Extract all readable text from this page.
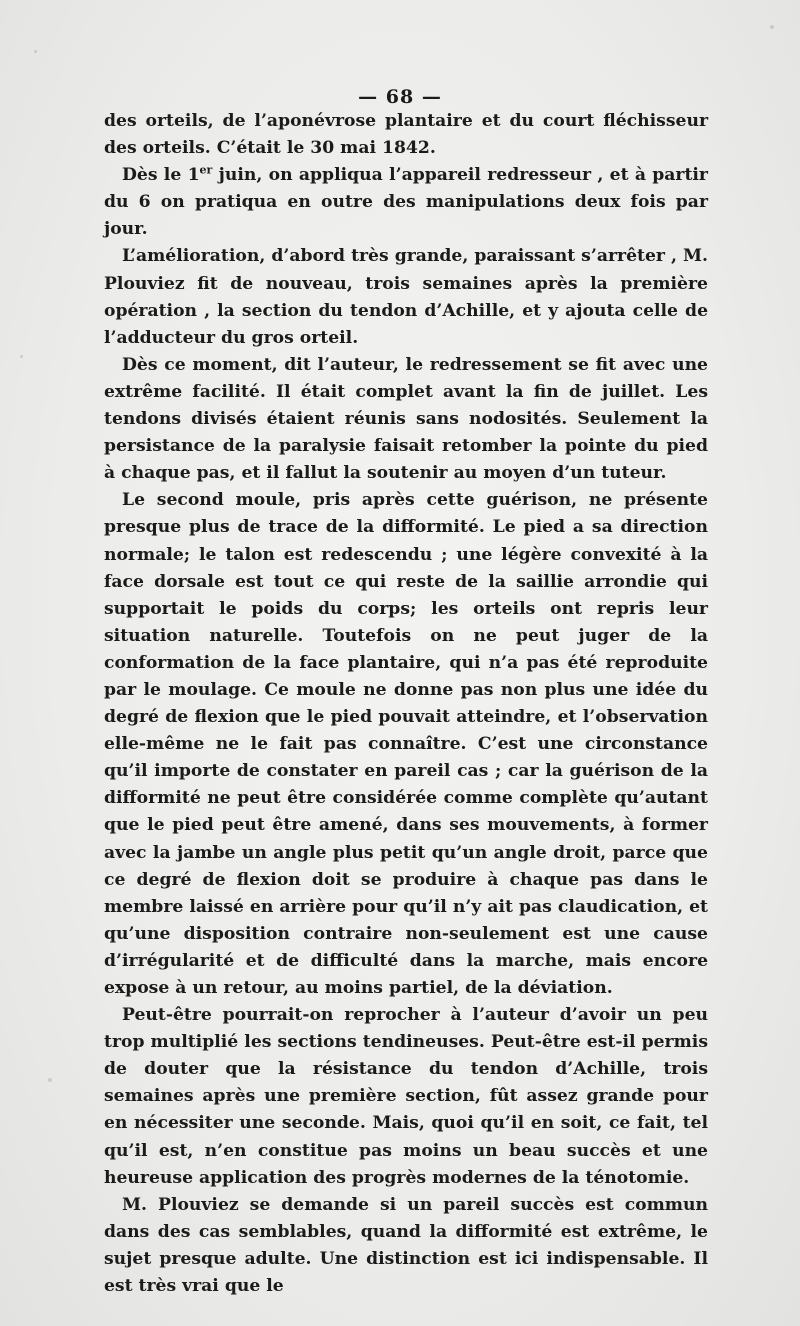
— 68 —

des orteils, de l’aponévrose plantaire et du court fléchisseur des orteils. C’était le 30 mai 1842.

Dès le 1er juin, on appliqua l’appareil redresseur , et à partir du 6 on pratiqua en outre des manipulations deux fois par jour.

L’amélioration, d’abord très grande, paraissant s’arrêter , M. Plouviez fit de nouveau, trois semaines après la première opération , la section du tendon d’Achille, et y ajouta celle de l’adducteur du gros orteil.

Dès ce moment, dit l’auteur, le redressement se fit avec une extrême facilité. Il était complet avant la fin de juillet. Les tendons divisés étaient réunis sans nodosités. Seulement la persistance de la paralysie faisait retomber la pointe du pied à chaque pas, et il fallut la soutenir au moyen d’un tuteur.

Le second moule, pris après cette guérison, ne présente presque plus de trace de la difformité. Le pied a sa direction normale; le talon est redescendu ; une légère convexité à la face dorsale est tout ce qui reste de la saillie arrondie qui supportait le poids du corps; les orteils ont repris leur situation naturelle. Toutefois on ne peut juger de la conformation de la face plantaire, qui n’a pas été reproduite par le moulage. Ce moule ne donne pas non plus une idée du degré de flexion que le pied pouvait atteindre, et l’observation elle-même ne le fait pas connaître. C’est une circonstance qu’il importe de constater en pareil cas ; car la guérison de la difformité ne peut être considérée comme complète qu’autant que le pied peut être amené, dans ses mouvements, à former avec la jambe un angle plus petit qu’un angle droit, parce que ce degré de flexion doit se produire à chaque pas dans le membre laissé en arrière pour qu’il n’y ait pas claudication, et qu’une disposition contraire non-seulement est une cause d’irrégularité et de difficulté dans la marche, mais encore expose à un retour, au moins partiel, de la déviation.

Peut-être pourrait-on reprocher à l’auteur d’avoir un peu trop multiplié les sections tendineuses. Peut-être est-il permis de douter que la résistance du tendon d’Achille, trois semaines après une première section, fût assez grande pour en nécessiter une seconde. Mais, quoi qu’il en soit, ce fait, tel qu’il est, n’en constitue pas moins un beau succès et une heureuse application des progrès modernes de la ténotomie.

M. Plouviez se demande si un pareil succès est commun dans des cas semblables, quand la difformité est extrême, le sujet presque adulte. Une distinction est ici indispensable. Il est très vrai que le
